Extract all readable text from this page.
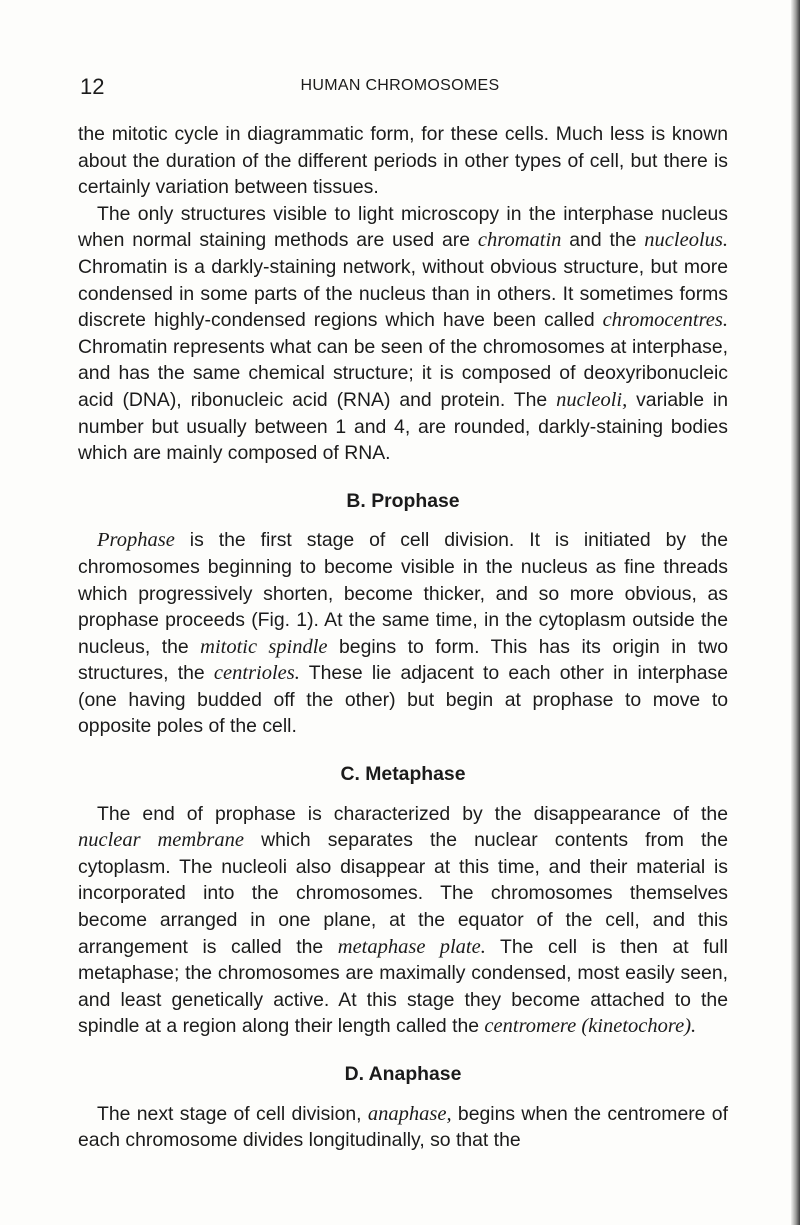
12	HUMAN CHROMOSOMES

the mitotic cycle in diagrammatic form, for these cells. Much less is known about the duration of the different periods in other types of cell, but there is certainly variation between tissues.

The only structures visible to light microscopy in the interphase nucleus when normal staining methods are used are chromatin and the nucleolus. Chromatin is a darkly-staining network, without obvious structure, but more condensed in some parts of the nucleus than in others. It sometimes forms discrete highly-condensed regions which have been called chromocentres. Chromatin represents what can be seen of the chromosomes at interphase, and has the same chemical structure; it is composed of deoxyribonucleic acid (DNA), ribonucleic acid (RNA) and protein. The nucleoli, variable in number but usually between 1 and 4, are rounded, darkly-staining bodies which are mainly composed of RNA.

B. Prophase

Prophase is the first stage of cell division. It is initiated by the chromosomes beginning to become visible in the nucleus as fine threads which progressively shorten, become thicker, and so more obvious, as prophase proceeds (Fig. 1). At the same time, in the cytoplasm outside the nucleus, the mitotic spindle begins to form. This has its origin in two structures, the centrioles. These lie adjacent to each other in interphase (one having budded off the other) but begin at prophase to move to opposite poles of the cell.

C. Metaphase

The end of prophase is characterized by the disappearance of the nuclear membrane which separates the nuclear contents from the cytoplasm. The nucleoli also disappear at this time, and their material is incorporated into the chromosomes. The chromosomes themselves become arranged in one plane, at the equator of the cell, and this arrangement is called the metaphase plate. The cell is then at full metaphase; the chromosomes are maximally condensed, most easily seen, and least genetically active. At this stage they become attached to the spindle at a region along their length called the centromere (kinetochore).

D. Anaphase

The next stage of cell division, anaphase, begins when the centromere of each chromosome divides longitudinally, so that the
